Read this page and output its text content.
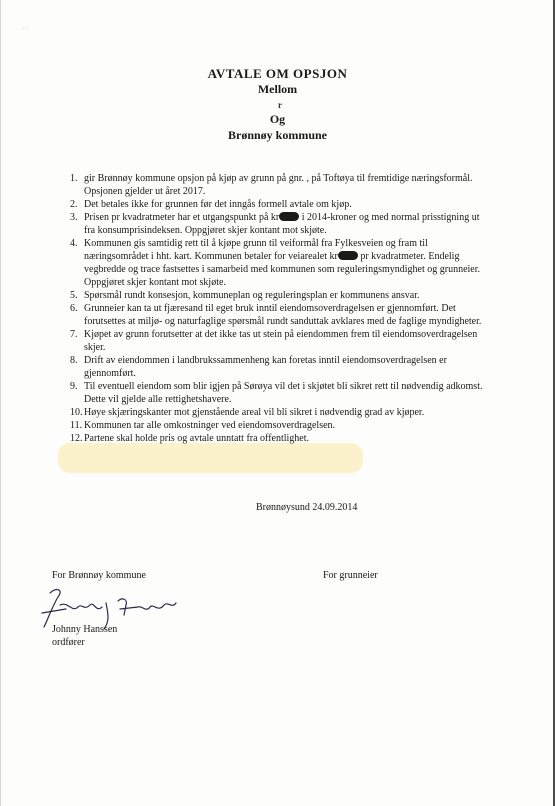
··
AVTALE OM OPSJON
Mellom
r
Og
Brønnøy kommune
1. gir Brønnøy kommune opsjon på kjøp av grunn på gnr. , på Toftøya til fremtidige næringsformål. Opsjonen gjelder ut året 2017.
2. Det betales ikke for grunnen før det inngås formell avtale om kjøp.
3. Prisen pr kvadratmeter har et utgangspunkt på kr i 2014-kroner og med normal prisstigning ut fra konsumprisindeksen. Oppgjøret skjer kontant mot skjøte.
4. Kommunen gis samtidig rett til å kjøpe grunn til veiformål fra Fylkesveien og fram til næringsområdet i hht. kart. Kommunen betaler for veiarealet kr pr kvadratmeter. Endelig vegbredde og trace fastsettes i samarbeid med kommunen som reguleringsmyndighet og grunneier. Oppgjøret skjer kontant mot skjøte.
5. Spørsmål rundt konsesjon, kommuneplan og reguleringsplan er kommunens ansvar.
6. Grunneier kan ta ut fjæresand til eget bruk inntil eiendomsoverdragelsen er gjennomført. Det forutsettes at miljø- og naturfaglige spørsmål rundt sanduttak avklares med de faglige myndigheter.
7. Kjøpet av grunn forutsetter at det ikke tas ut stein på eiendommen frem til eiendomsoverdragelsen skjer.
8. Drift av eiendommen i landbrukssammenheng kan foretas inntil eiendomsoverdragelsen er gjennomført.
9. Til eventuell eiendom som blir igjen på Sørøya vil det i skjøtet bli sikret rett til nødvendig adkomst. Dette vil gjelde alle rettighetshavere.
10. Høye skjæringskanter mot gjenstående areal vil bli sikret i nødvendig grad av kjøper.
11. Kommunen tar alle omkostninger ved eiendomsoverdragelsen.
12. Partene skal holde pris og avtale unntatt fra offentlighet.
Brønnøysund 24.09.2014
For Brønnøy kommune	For grunneier
Johnny Hanssen
ordfører
